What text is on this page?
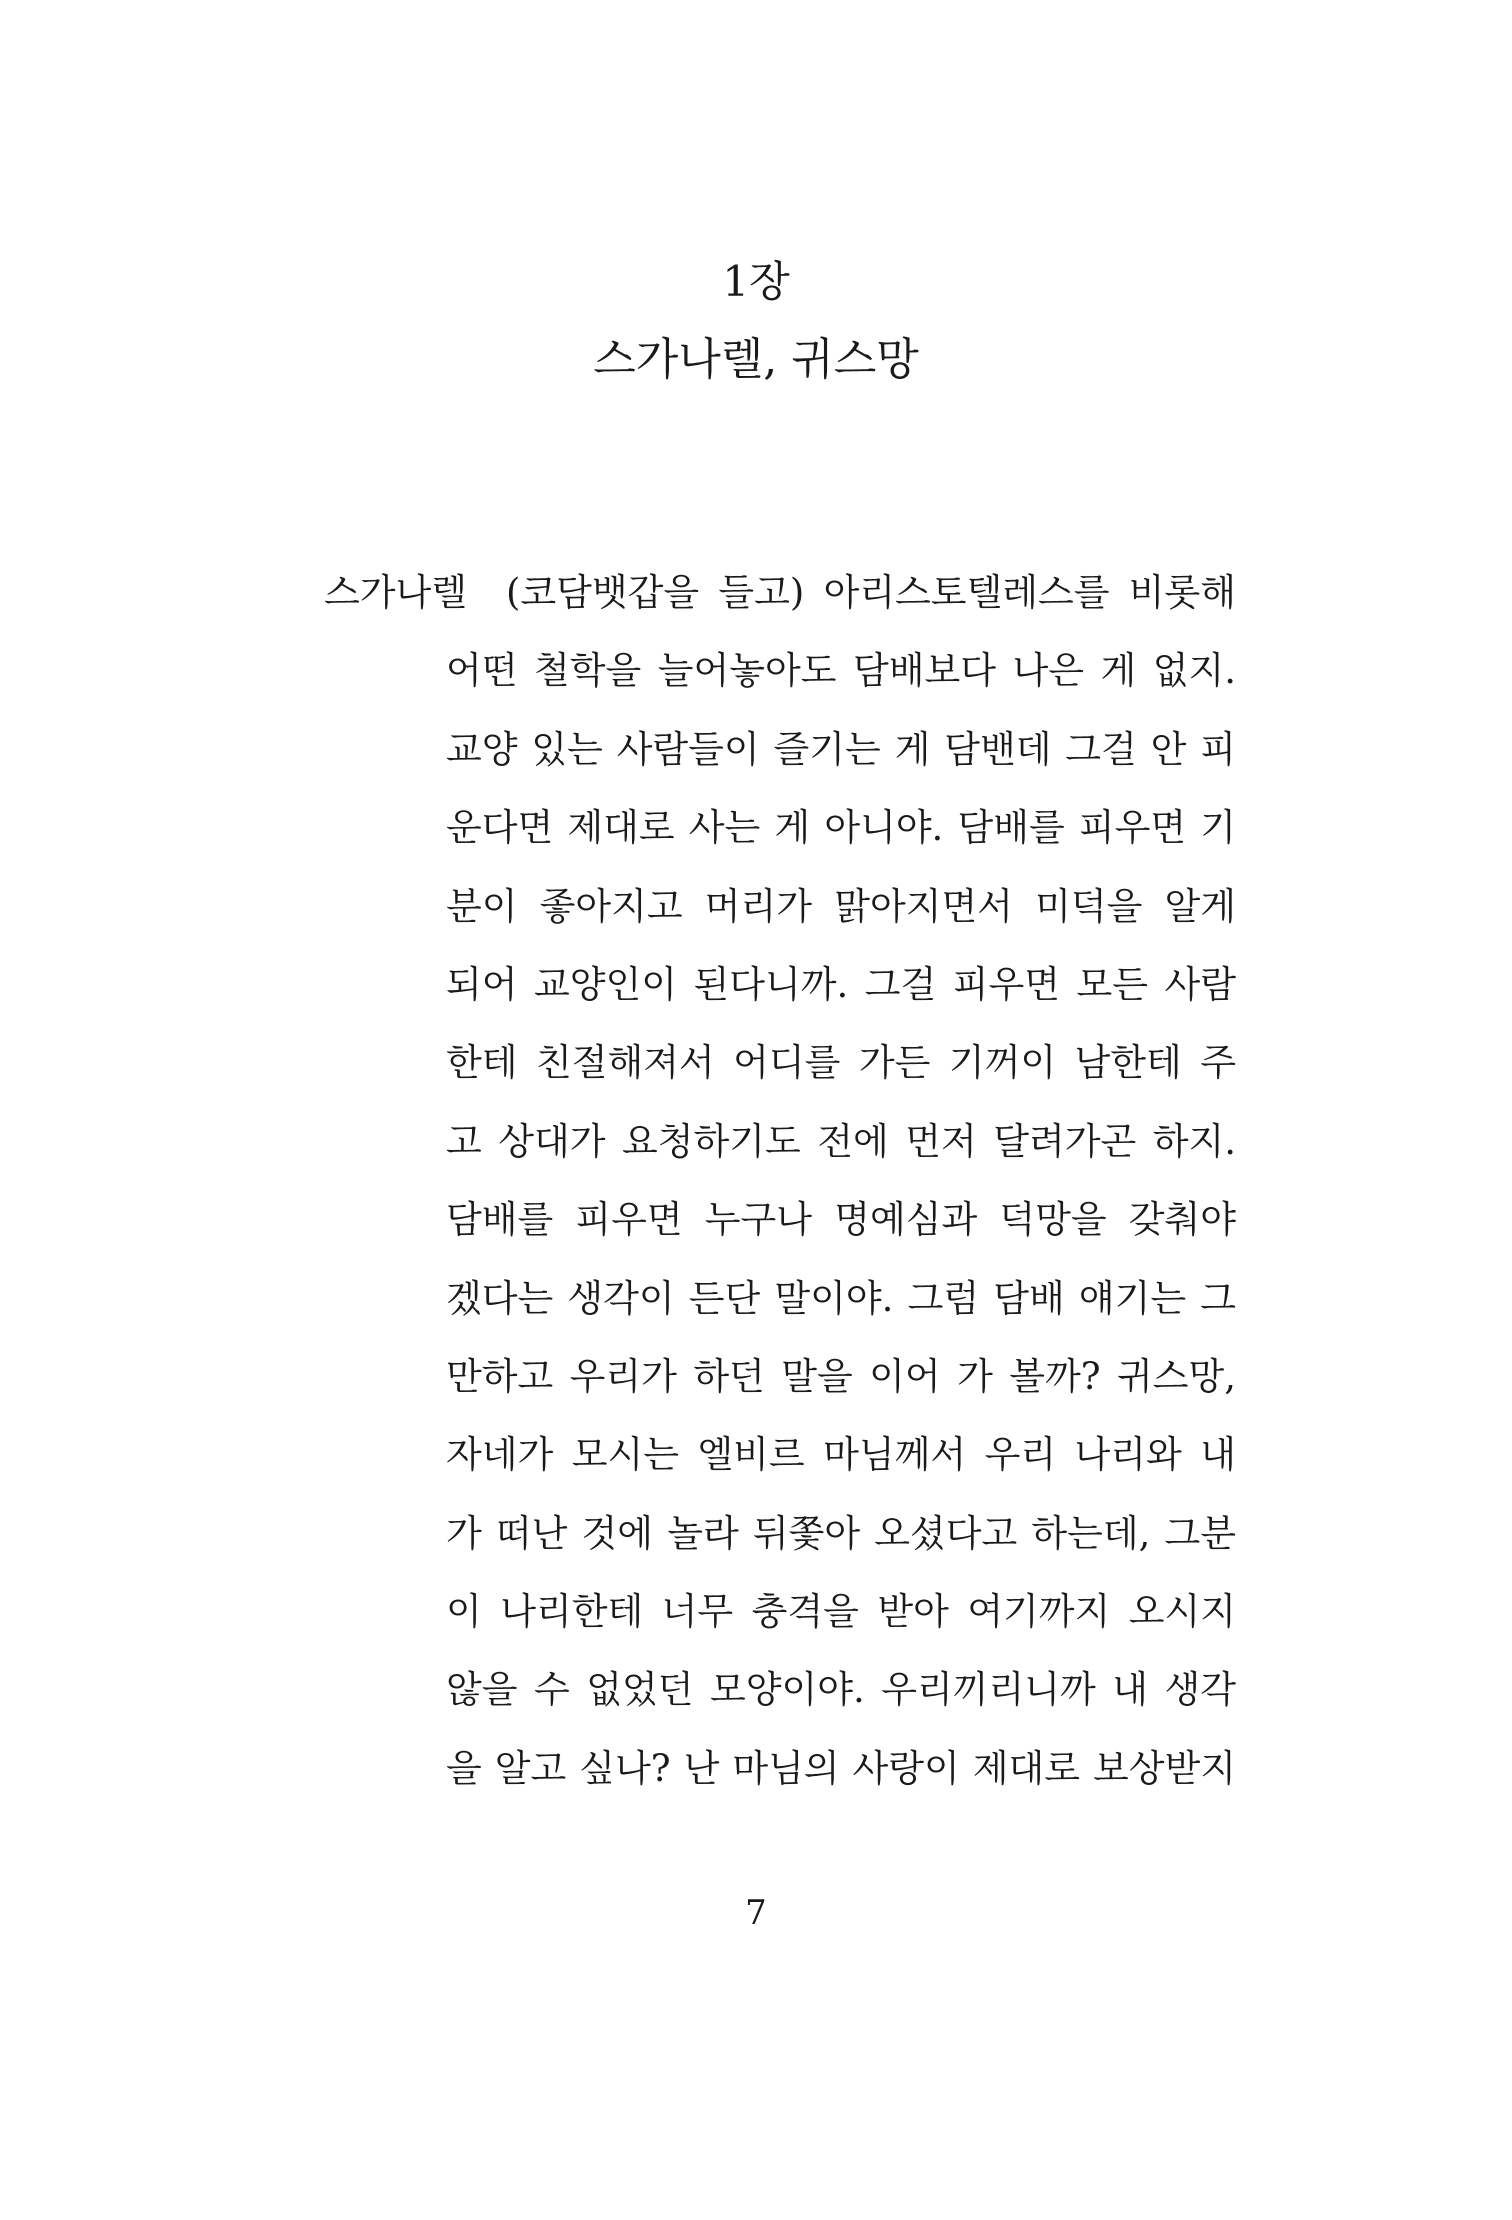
1장
스가나렐, 귀스망
스가나렐 (코담뱃갑을 들고) 아리스토텔레스를 비롯해
어떤 철학을 늘어놓아도 담배보다 나은 게 없지.
교양 있는 사람들이 즐기는 게 담밴데 그걸 안 피
운다면 제대로 사는 게 아니야. 담배를 피우면 기
분이 좋아지고 머리가 맑아지면서 미덕을 알게
되어 교양인이 된다니까. 그걸 피우면 모든 사람
한테 친절해져서 어디를 가든 기꺼이 남한테 주
고 상대가 요청하기도 전에 먼저 달려가곤 하지.
담배를 피우면 누구나 명예심과 덕망을 갖춰야
겠다는 생각이 든단 말이야. 그럼 담배 얘기는 그
만하고 우리가 하던 말을 이어 가 볼까? 귀스망,
자네가 모시는 엘비르 마님께서 우리 나리와 내
가 떠난 것에 놀라 뒤쫓아 오셨다고 하는데, 그분
이 나리한테 너무 충격을 받아 여기까지 오시지
않을 수 없었던 모양이야. 우리끼리니까 내 생각
을 알고 싶나? 난 마님의 사랑이 제대로 보상받지
7
